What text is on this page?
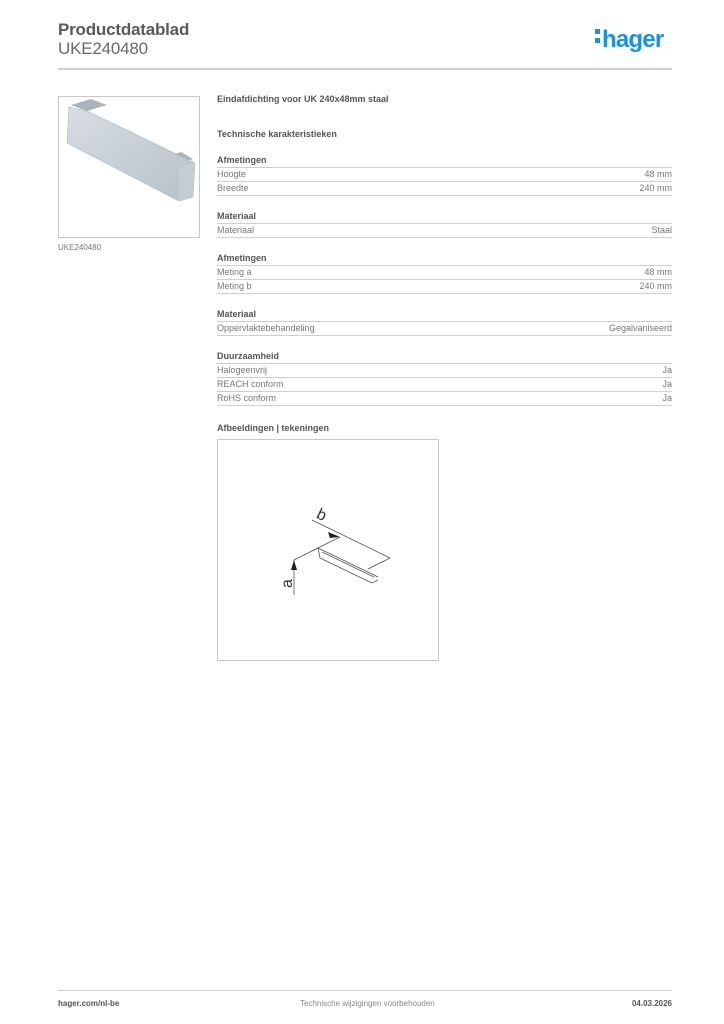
Productdatablad
UKE240480	hager
UKE240480
Eindafdichting voor UK 240x48mm staal
Technische karakteristieken
Afmetingen
Hoogte	48 mm
Breedte	240 mm
Materiaal
Materiaal	Staal
Afmetingen
Meting a	48 mm
Meting b	240 mm
Materiaal
Oppervlaktebehandeling	Gegalvaniseerd
Duurzaamheid
Halogeenvrij	Ja
REACH conform	Ja
RoHS conform	Ja
Afbeeldingen | tekeningen
b
a
hager.com/nl-be	Technische wijzigingen voorbehouden	04.03.2026
